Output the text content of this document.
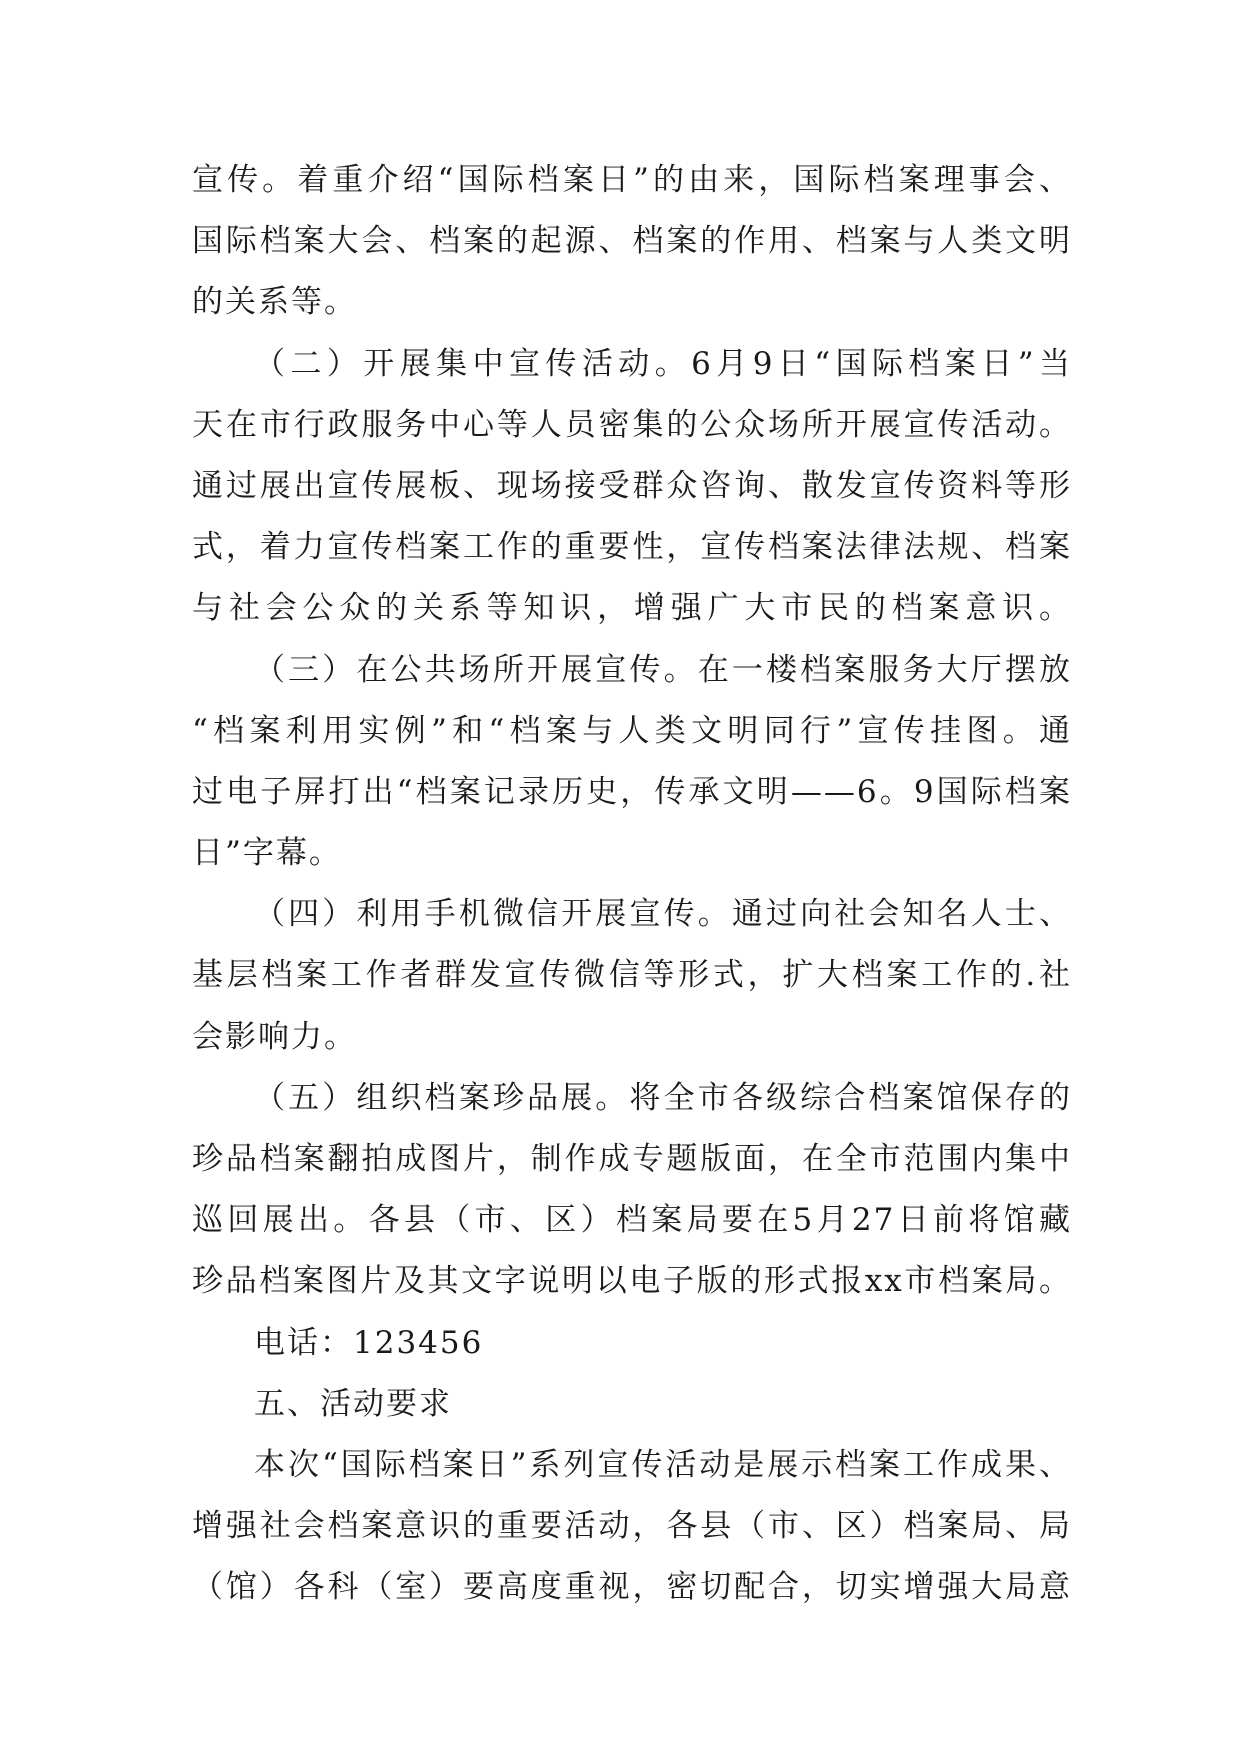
宣传。着重介绍“国际档案日”的由来，国际档案理事会、
国际档案大会、档案的起源、档案的作用、档案与人类文明
的关系等。
（二）开展集中宣传活动。6月9日“国际档案日”当
天在市行政服务中心等人员密集的公众场所开展宣传活动。
通过展出宣传展板、现场接受群众咨询、散发宣传资料等形
式，着力宣传档案工作的重要性，宣传档案法律法规、档案
与社会公众的关系等知识，增强广大市民的档案意识。
（三）在公共场所开展宣传。在一楼档案服务大厅摆放
“档案利用实例”和“档案与人类文明同行”宣传挂图。通
过电子屏打出“档案记录历史，传承文明——6。9国际档案
日”字幕。
（四）利用手机微信开展宣传。通过向社会知名人士、
基层档案工作者群发宣传微信等形式，扩大档案工作的.社
会影响力。
（五）组织档案珍品展。将全市各级综合档案馆保存的
珍品档案翻拍成图片，制作成专题版面，在全市范围内集中
巡回展出。各县（市、区）档案局要在5月27日前将馆藏
珍品档案图片及其文字说明以电子版的形式报xx市档案局。
电话：123456
五、活动要求
本次“国际档案日”系列宣传活动是展示档案工作成果、
增强社会档案意识的重要活动，各县（市、区）档案局、局
（馆）各科（室）要高度重视，密切配合，切实增强大局意
